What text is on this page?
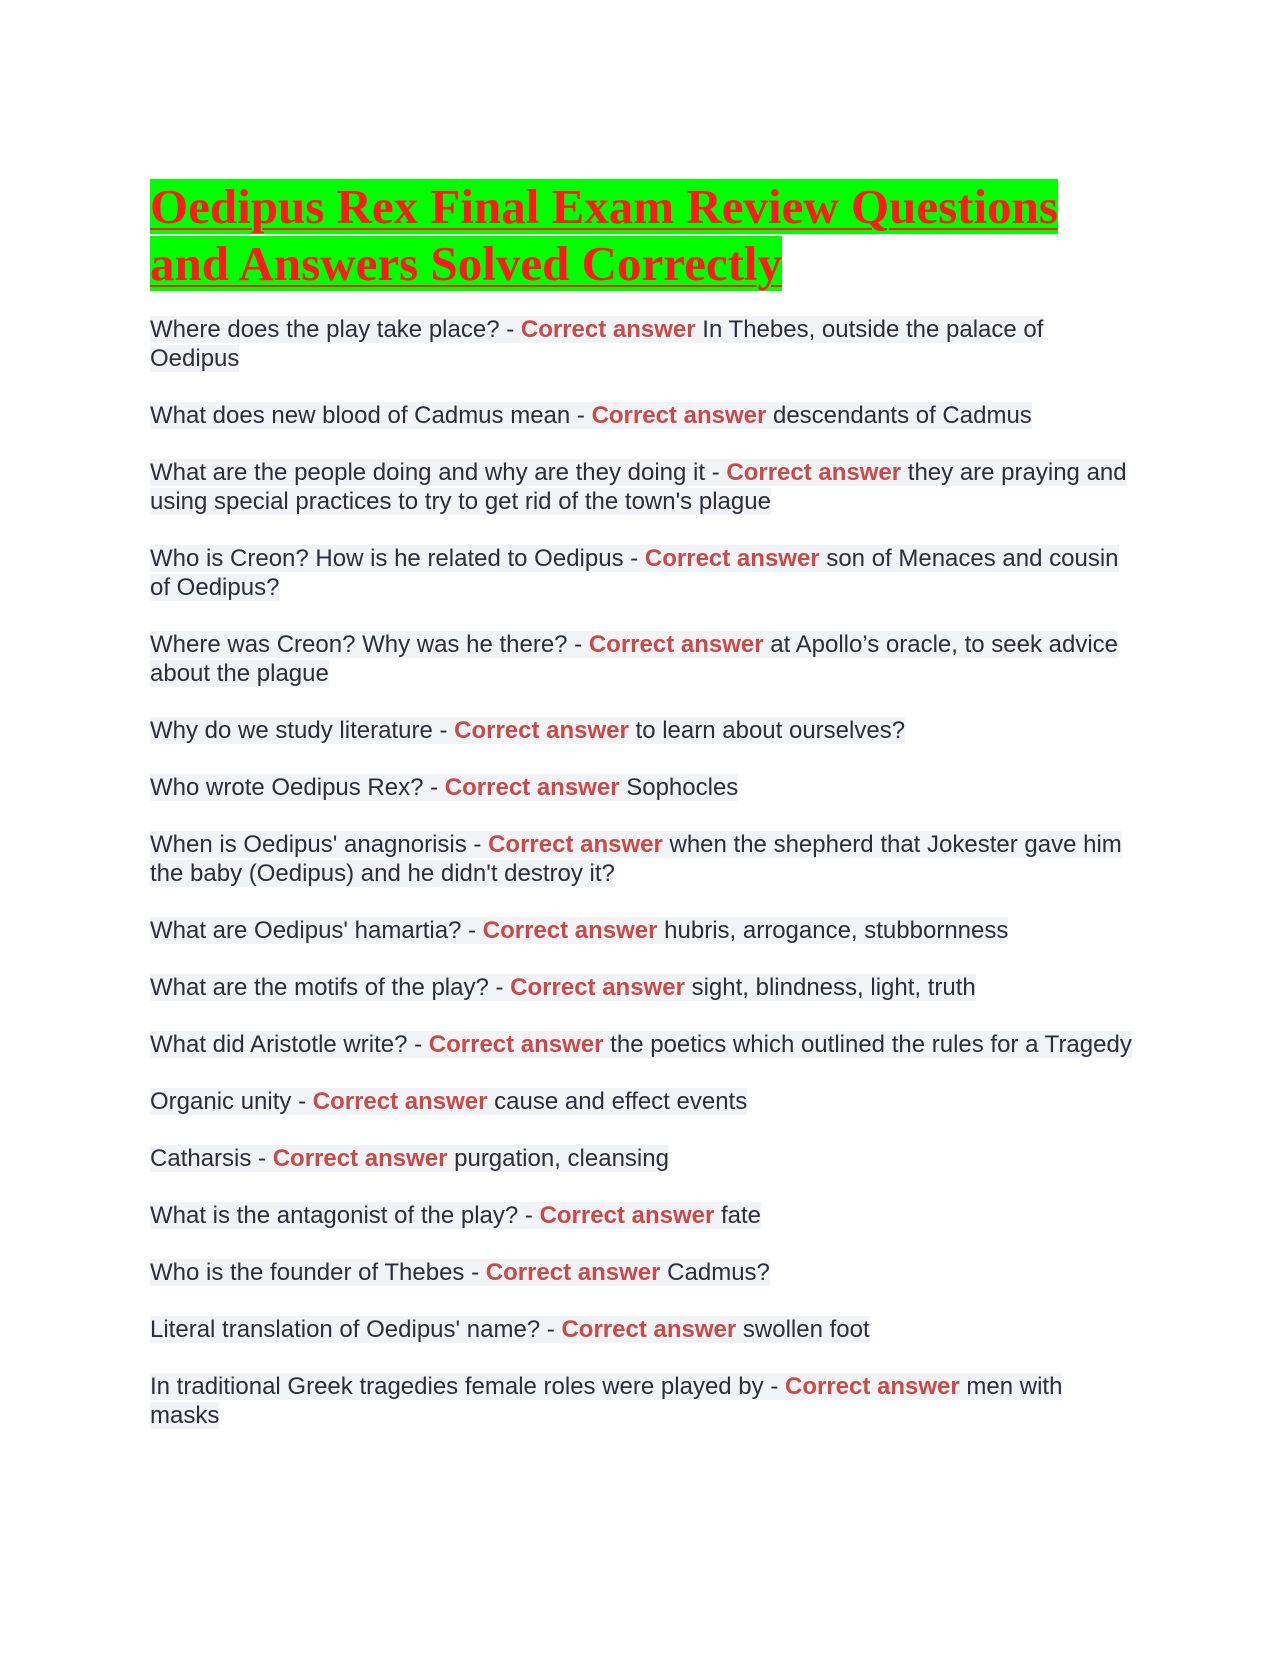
Oedipus Rex Final Exam Review Questions and Answers Solved Correctly
Where does the play take place? - Correct answer In Thebes, outside the palace of Oedipus
What does new blood of Cadmus mean - Correct answer descendants of Cadmus
What are the people doing and why are they doing it - Correct answer they are praying and using special practices to try to get rid of the town's plague
Who is Creon? How is he related to Oedipus - Correct answer son of Menaces and cousin of Oedipus?
Where was Creon? Why was he there? - Correct answer at Apollo’s oracle, to seek advice about the plague
Why do we study literature - Correct answer to learn about ourselves?
Who wrote Oedipus Rex? - Correct answer Sophocles
When is Oedipus' anagnorisis - Correct answer when the shepherd that Jokester gave him the baby (Oedipus) and he didn't destroy it?
What are Oedipus' hamartia? - Correct answer hubris, arrogance, stubbornness
What are the motifs of the play? - Correct answer sight, blindness, light, truth
What did Aristotle write? - Correct answer the poetics which outlined the rules for a Tragedy
Organic unity - Correct answer cause and effect events
Catharsis - Correct answer purgation, cleansing
What is the antagonist of the play? - Correct answer fate
Who is the founder of Thebes - Correct answer Cadmus?
Literal translation of Oedipus' name? - Correct answer swollen foot
In traditional Greek tragedies female roles were played by - Correct answer men with masks
